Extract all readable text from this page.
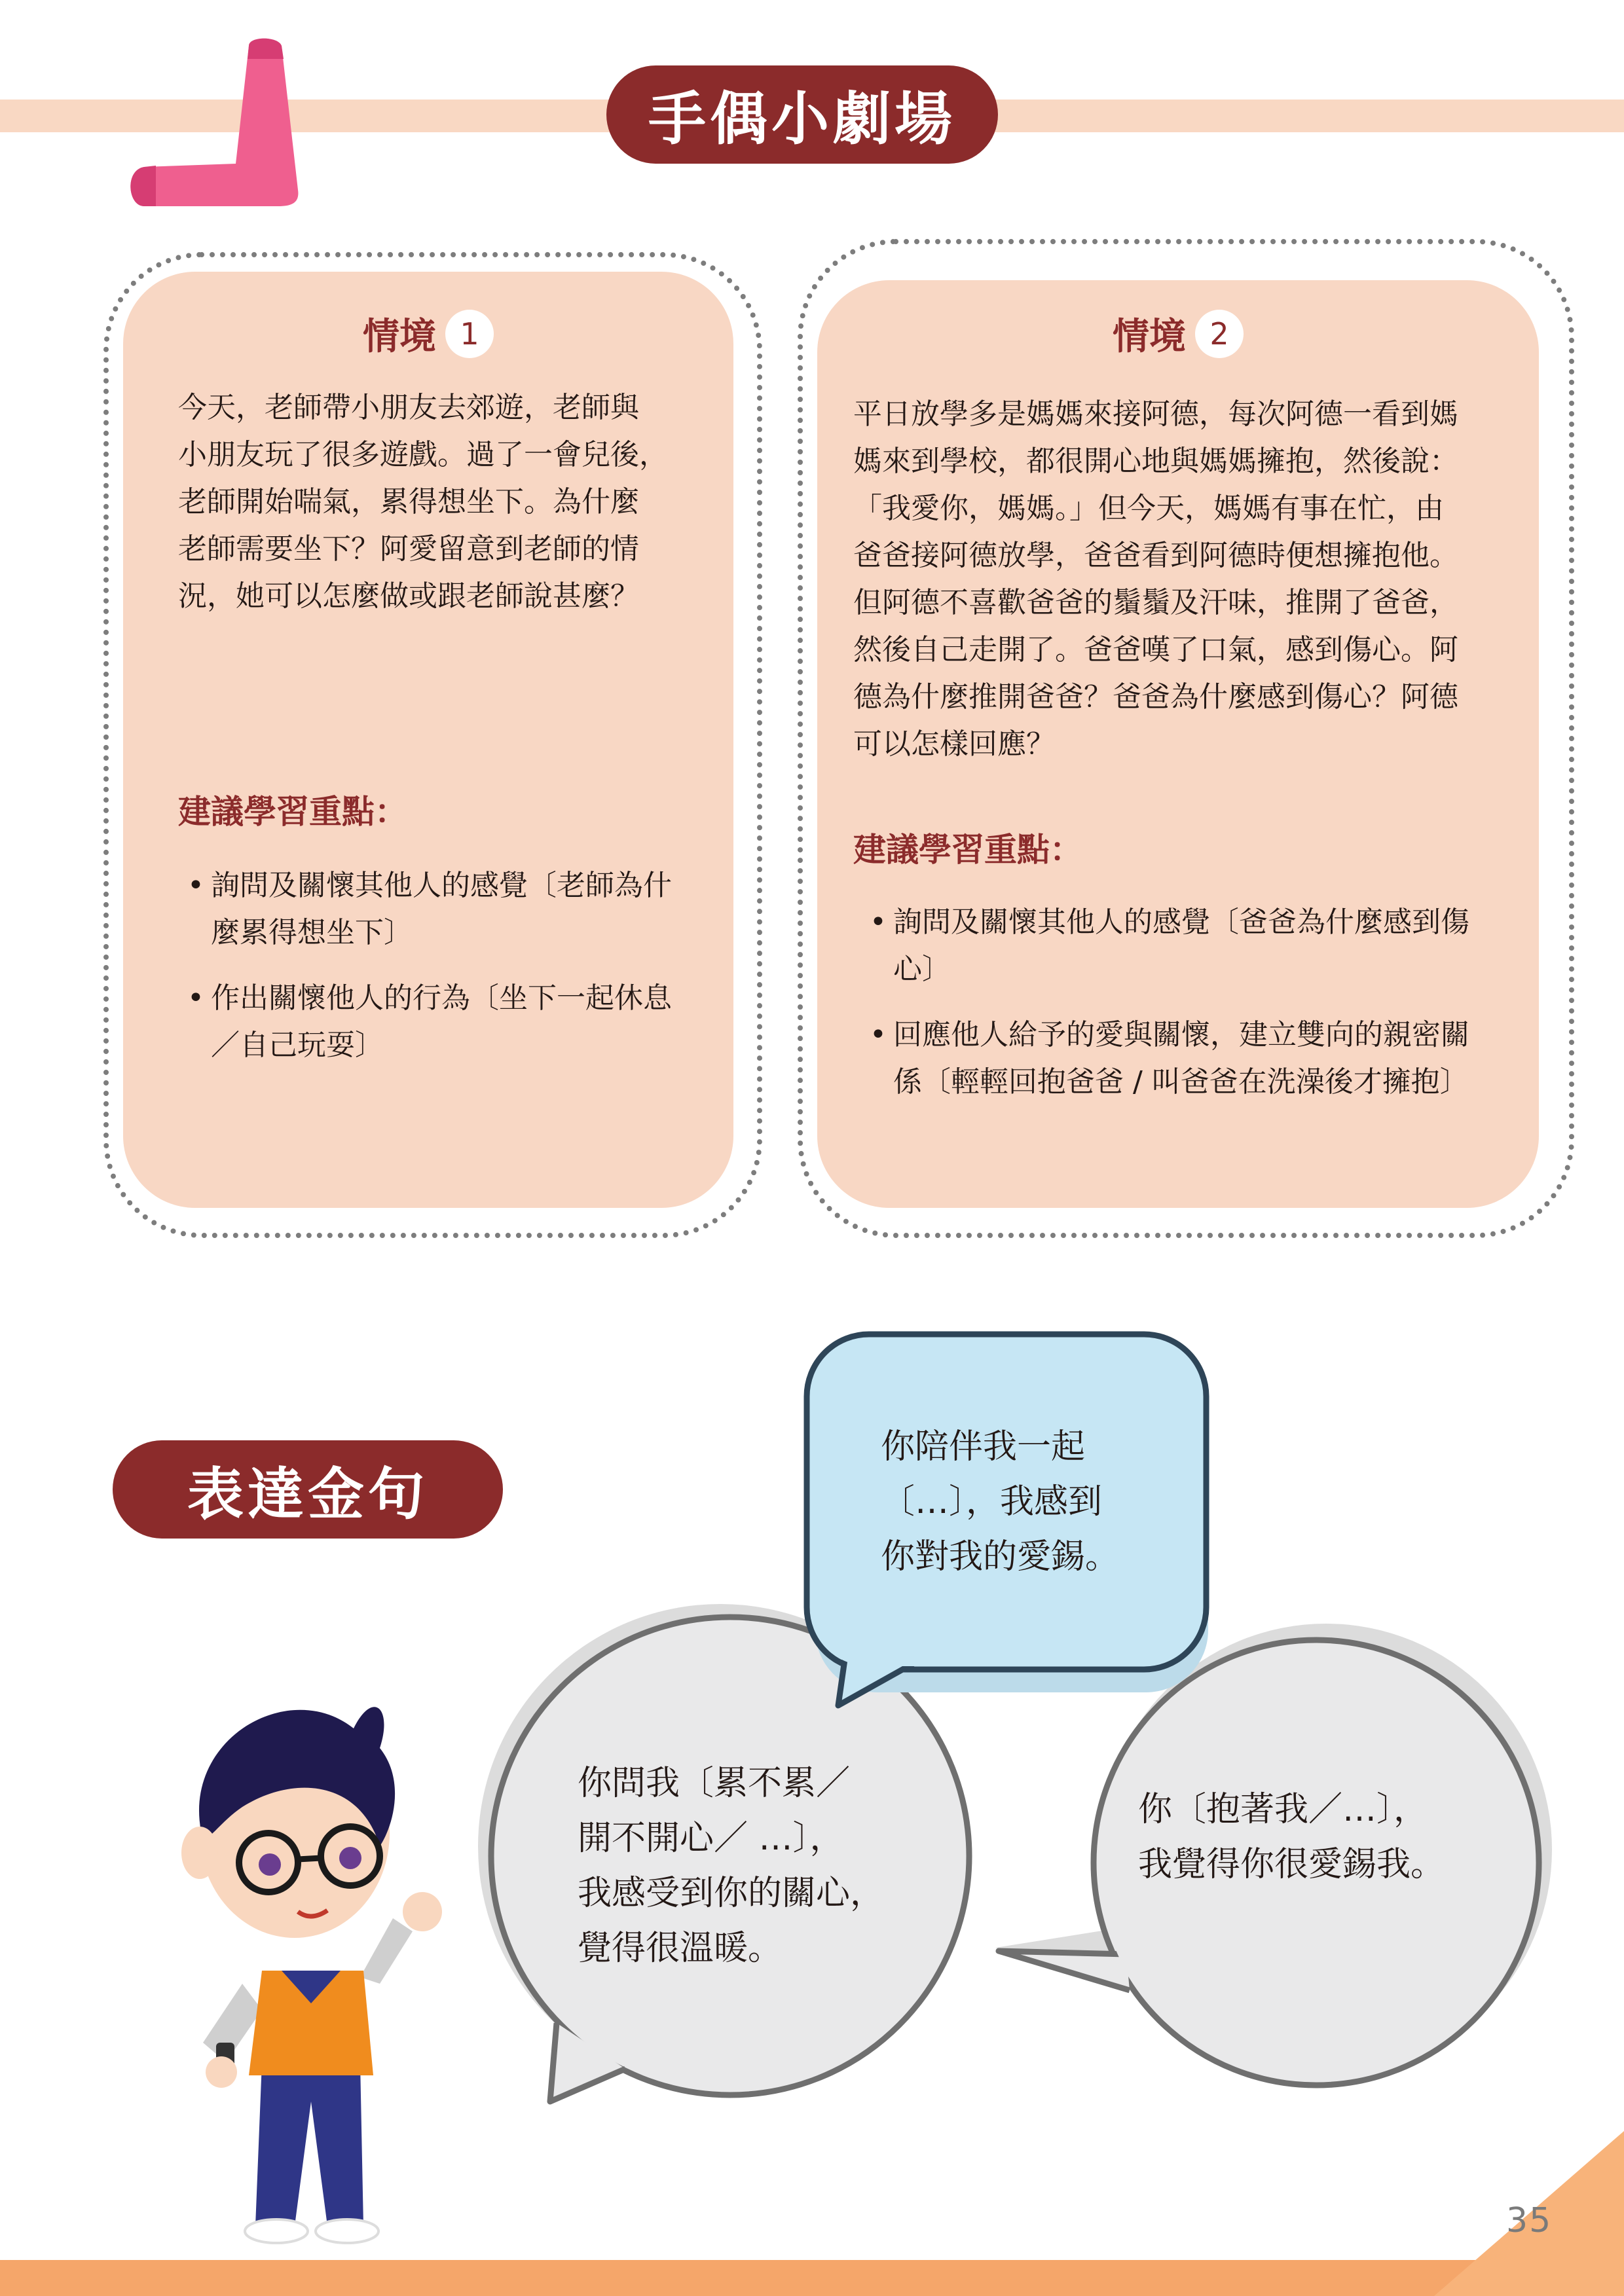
手偶小劇場
情境 1
今天，老師帶小朋友去郊遊，老師與
小朋友玩了很多遊戲。過了一會兒後，
老師開始喘氣，累得想坐下。為什麼
老師需要坐下？阿愛留意到老師的情
況，她可以怎麼做或跟老師說甚麼？
建議學習重點：

• 詢問及關懷其他人的感覺〔老師為什麼累得想坐下〕

• 作出關懷他人的行為〔坐下一起休息 ／自己玩耍〕

情境 2
平日放學多是媽媽來接阿德，每次阿德一看到媽
媽來到學校，都很開心地與媽媽擁抱，然後說：
「我愛你，媽媽。」但今天，媽媽有事在忙，由
爸爸接阿德放學，爸爸看到阿德時便想擁抱他。
但阿德不喜歡爸爸的鬚鬚及汗味，推開了爸爸，
然後自己走開了。爸爸嘆了口氣，感到傷心。阿
德為什麼推開爸爸？爸爸為什麼感到傷心？阿德
可以怎樣回應？
建議學習重點：

• 詢問及關懷其他人的感覺〔爸爸為什麼感到傷心〕

• 回應他人給予的愛與關懷，建立雙向的親密關係〔輕輕回抱爸爸 / 叫爸爸在洗澡後才擁抱〕

表達金句
你〔抱著我／…〕，
我覺得你很愛錫我。
你問我〔累不累／
開不開心／ …〕，
我感受到你的關心，
覺得很溫暖。
你陪伴我一起
〔…〕，我感到
你對我的愛錫。
35
